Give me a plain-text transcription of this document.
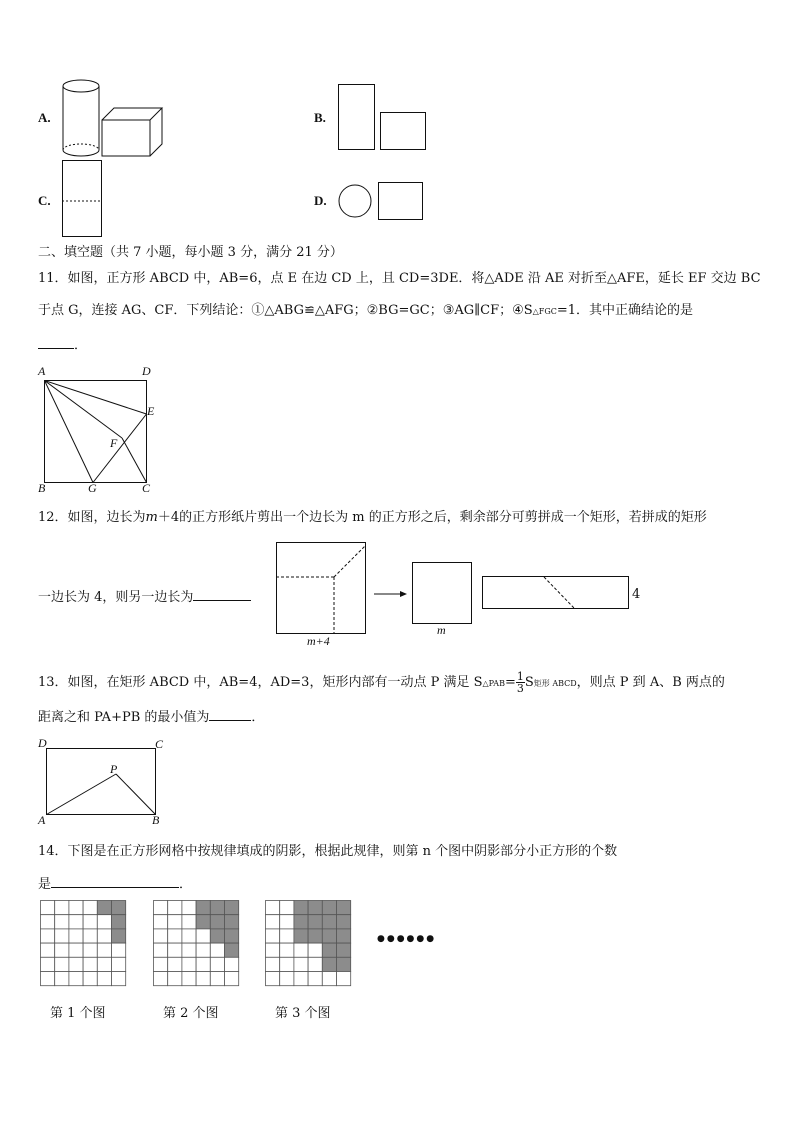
A.	B.
C.	D.
二、填空题（共 7 小题，每小题 3 分，满分 21 分）
11．如图，正方形 ABCD 中，AB=6，点 E 在边 CD 上，且 CD=3DE．将△ADE 沿 AE 对折至△AFE，延长 EF 交边 BC
于点 G，连接 AG、CF．下列结论：①△ABG≌△AFG；②BG=GC；③AG∥CF；④S△FGC=1．其中正确结论的是
．
A	D
E
F
B	G	C
12．如图，边长为m＋4的正方形纸片剪出一个边长为 m 的正方形之后，剩余部分可剪拼成一个矩形，若拼成的矩形
一边长为 4，则另一边长为
m+4
m
4
13．如图，在矩形 ABCD 中，AB=4，AD=3，矩形内部有一动点 P 满足 S△PAB= $\frac{1}{3}$ S矩形 ABCD，则点 P 到 A、B 两点的
距离之和 PA+PB 的最小值为	．
D	C
P
A	B
14．下图是在正方形网格中按规律填成的阴影，根据此规律，则第 n 个图中阴影部分小正方形的个数
是	．
第 1 个图	第 2 个图	第 3 个图
●●●●●●
